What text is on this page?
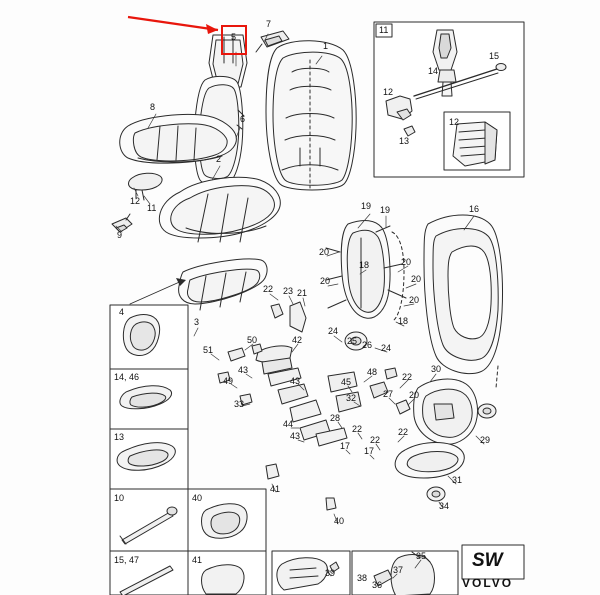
5
7
1
11
15
14
12
12
13
8
6
2
12
11
9
19 19	16
20
18	20
20	20
22 23 21
20
18
24
25 26 24
3
4
50
51
42
43
49
33
43
48
45
30
22
32	27 20
44
28
22
22
22
43
17 17
29
31
34
41
40
14, 46
13
10	40
15, 47	41
39 38
35
36
37	SW
VOLVO
